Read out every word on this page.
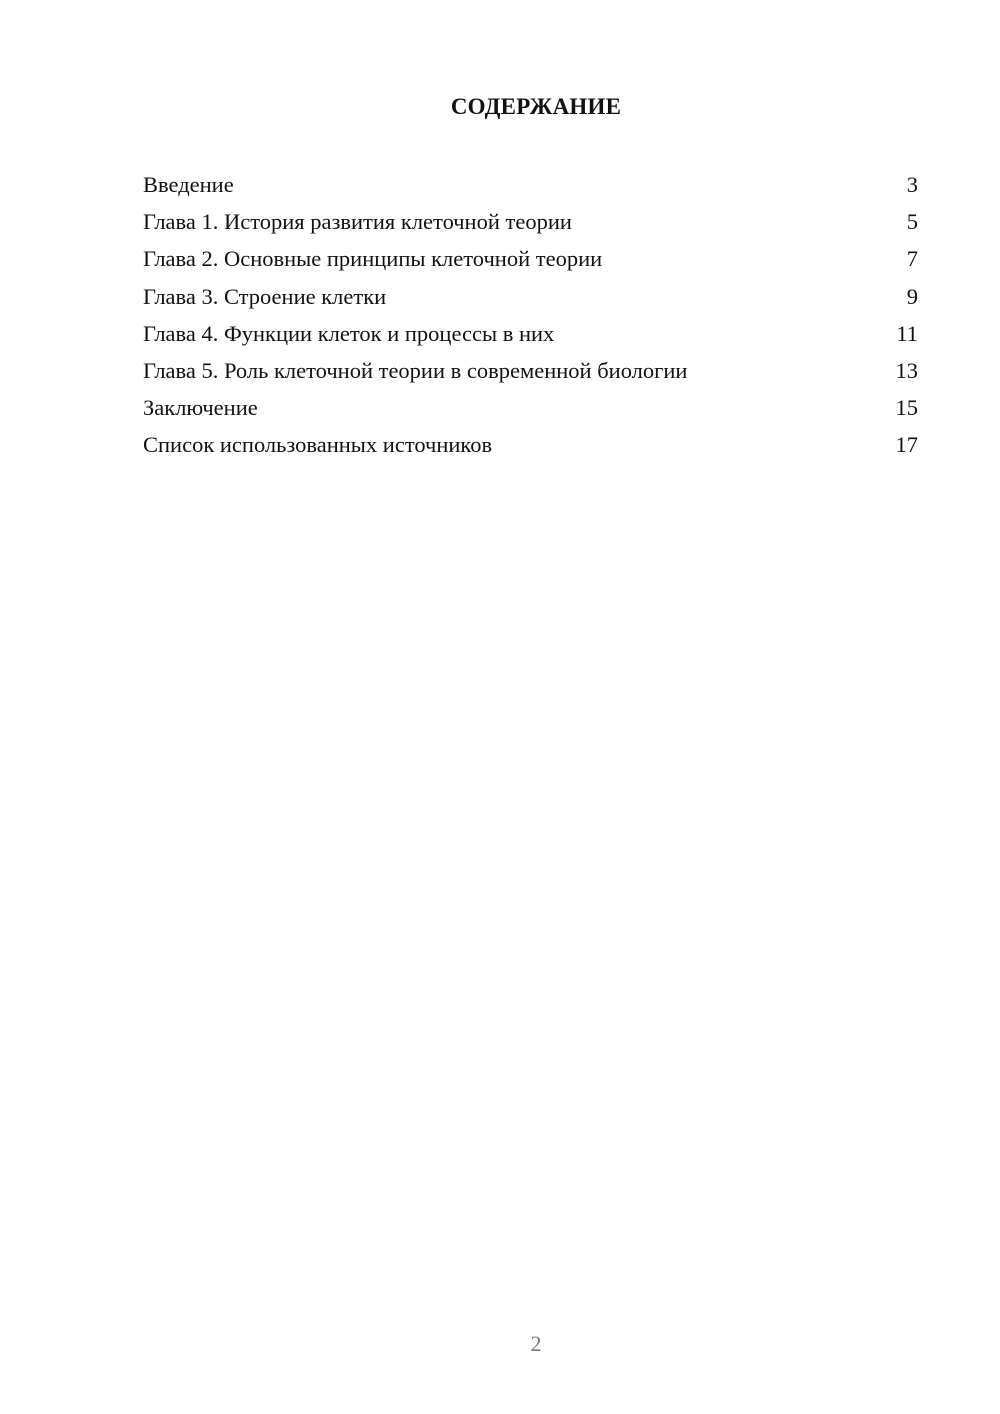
СОДЕРЖАНИЕ
Введение	3
Глава 1. История развития клеточной теории	5
Глава 2. Основные принципы клеточной теории	7
Глава 3. Строение клетки	9
Глава 4. Функции клеток и процессы в них	11
Глава 5. Роль клеточной теории в современной биологии	13
Заключение	15
Список использованных источников	17
2
